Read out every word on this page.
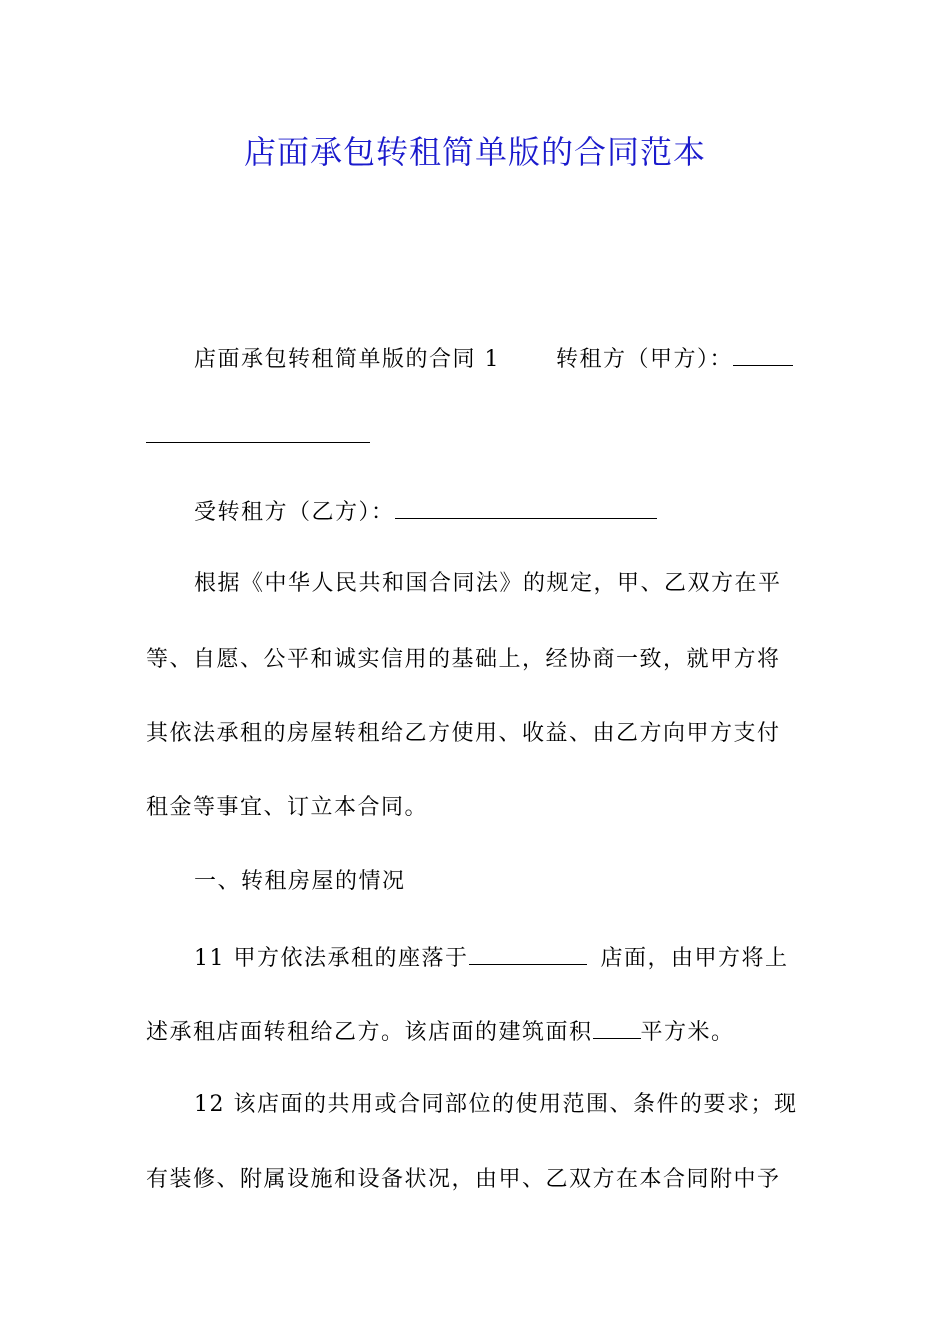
店面承包转租简单版的合同范本
店面承包转租简单版的合同 1	转租方（甲方）：
受转租方（乙方）：
根据《中华人民共和国合同法》的规定，甲、乙双方在平
等、自愿、公平和诚实信用的基础上，经协商一致，就甲方将
其依法承租的房屋转租给乙方使用、收益、由乙方向甲方支付
租金等事宜、订立本合同。
一、转租房屋的情况
11 甲方依法承租的座落于	店面，由甲方将上
述承租店面转租给乙方。该店面的建筑面积 平方米。
12 该店面的共用或合同部位的使用范围、条件的要求；现
有装修、附属设施和设备状况，由甲、乙双方在本合同附中予
